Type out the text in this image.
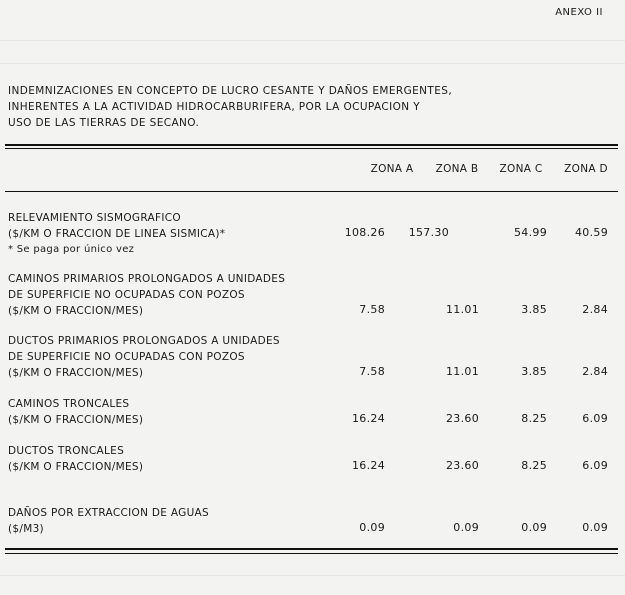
ANEXO II
INDEMNIZACIONES EN CONCEPTO DE LUCRO CESANTE Y DAÑOS EMERGENTES,
INHERENTES A LA ACTIVIDAD HIDROCARBURIFERA, POR LA OCUPACION Y
USO DE LAS TIERRAS DE SECANO.
ZONA A	ZONA B	ZONA C	ZONA D
RELEVAMIENTO SISMOGRAFICO
($/KM O FRACCION DE LINEA SISMICA)*
* Se paga por único vez
108.26	157.30	54.99	40.59
CAMINOS PRIMARIOS PROLONGADOS A UNIDADES
DE SUPERFICIE NO OCUPADAS CON POZOS
($/KM O FRACCION/MES)	7.58	11.01	3.85	2.84
DUCTOS PRIMARIOS PROLONGADOS A UNIDADES
DE SUPERFICIE NO OCUPADAS CON POZOS
($/KM O FRACCION/MES)	7.58	11.01	3.85	2.84
CAMINOS TRONCALES
($/KM O FRACCION/MES)	16.24	23.60	8.25	6.09
DUCTOS TRONCALES
($/KM O FRACCION/MES)	16.24	23.60	8.25	6.09
DAÑOS POR EXTRACCION DE AGUAS
($/M3)	0.09	0.09	0.09	0.09
